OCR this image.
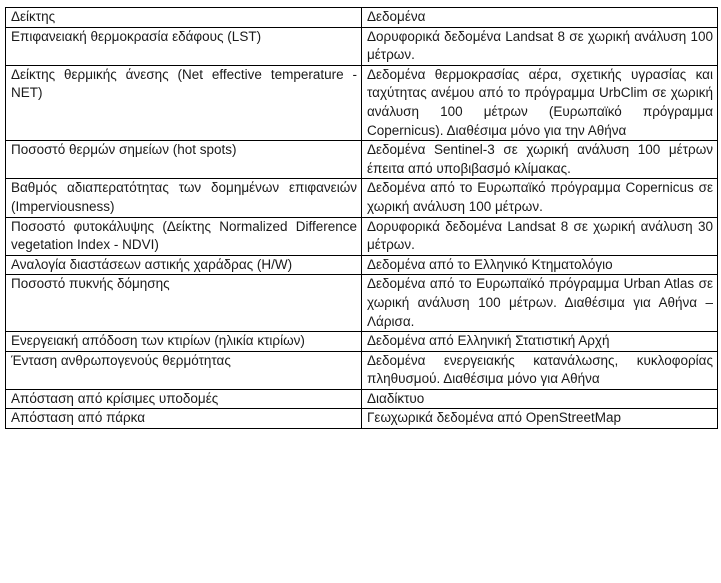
Δείκτης	Δεδομένα
Επιφανειακή θερμοκρασία εδάφους (LST)	Δορυφορικά δεδομένα Landsat 8 σε χωρική ανάλυση 100 μέτρων.
Δείκτης θερμικής άνεσης (Net effective temperature -NET)	Δεδομένα θερμοκρασίας αέρα, σχετικής υγρασίας και ταχύτητας ανέμου από το πρόγραμμα UrbClim σε χωρική ανάλυση 100 μέτρων (Ευρωπαϊκό πρόγραμμα Copernicus). Διαθέσιμα μόνο για την Αθήνα
Ποσοστό θερμών σημείων (hot spots)	Δεδομένα Sentinel-3 σε χωρική ανάλυση 100 μέτρων έπειτα από υποβιβασμό κλίμακας.
Βαθμός αδιαπερατότητας των δομημένων επιφανειών (Imperviousness)	Δεδομένα από το Ευρωπαϊκό πρόγραμμα Copernicus σε χωρική ανάλυση 100 μέτρων.
Ποσοστό φυτοκάλυψης (Δείκτης Normalized Difference vegetation Index - NDVI)	Δορυφορικά δεδομένα Landsat 8 σε χωρική ανάλυση 30 μέτρων.
Αναλογία διαστάσεων αστικής χαράδρας (H/W)	Δεδομένα από το Ελληνικό Κτηματολόγιο
Ποσοστό πυκνής δόμησης	Δεδομένα από το Ευρωπαϊκό πρόγραμμα Urban Atlas σε χωρική ανάλυση 100 μέτρων. Διαθέσιμα για Αθήνα – Λάρισα.
Ενεργειακή απόδοση των κτιρίων (ηλικία κτιρίων)	Δεδομένα από Ελληνική Στατιστική Αρχή
Ένταση ανθρωπογενούς θερμότητας	Δεδομένα ενεργειακής κατανάλωσης, κυκλοφορίας πληθυσμού. Διαθέσιμα μόνο για Αθήνα
Απόσταση από κρίσιμες υποδομές	Διαδίκτυο
Απόσταση από πάρκα	Γεωχωρικά δεδομένα από OpenStreetMap
